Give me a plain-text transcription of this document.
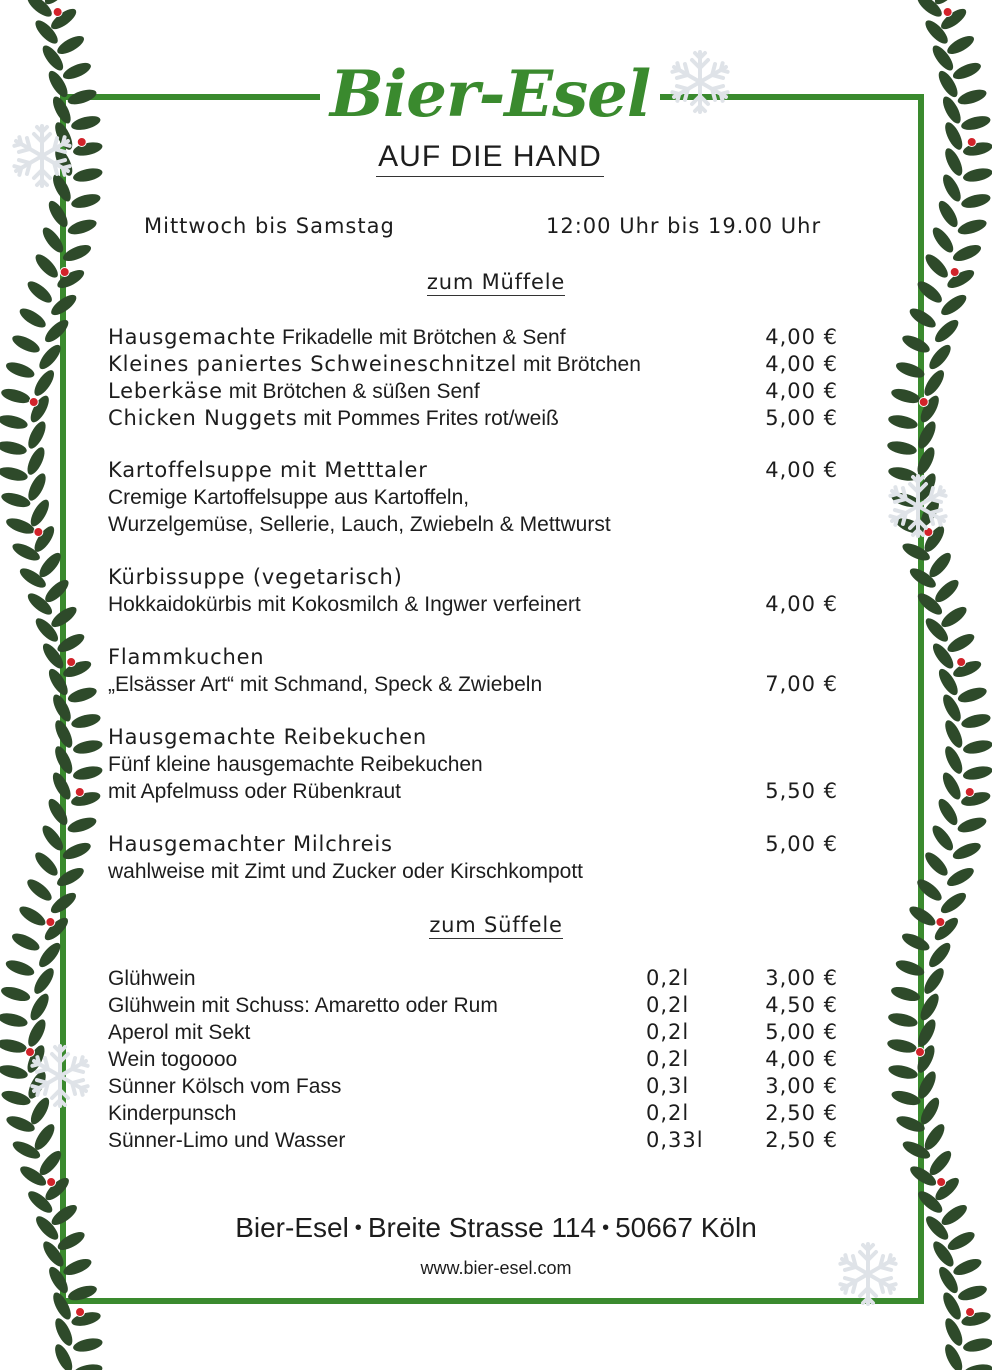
Bier-Esel
AUF DIE HAND
Mittwoch bis Samstag	12:00 Uhr bis 19.00 Uhr
zum Müffele
Hausgemachte Frikadelle mit Brötchen & Senf	4,00 €
Kleines paniertes Schweineschnitzel mit Brötchen	4,00 €
Leberkäse mit Brötchen & süßen Senf	4,00 €
Chicken Nuggets mit Pommes Frites rot/weiß	5,00 €
Kartoffelsuppe mit Metttaler	4,00 €
Cremige Kartoffelsuppe aus Kartoffeln,
Wurzelgemüse, Sellerie, Lauch, Zwiebeln & Mettwurst
Kürbissuppe (vegetarisch)
Hokkaidokürbis mit Kokosmilch & Ingwer verfeinert	4,00 €
Flammkuchen
„Elsässer Art“ mit Schmand, Speck & Zwiebeln	7,00 €
Hausgemachte Reibekuchen
Fünf kleine hausgemachte Reibekuchen
mit Apfelmuss oder Rübenkraut	5,50 €
Hausgemachter Milchreis	5,00 €
wahlweise mit Zimt und Zucker oder Kirschkompott
zum Süffele
Glühwein	0,2l	3,00 €
Glühwein mit Schuss: Amaretto oder Rum	0,2l	4,50 €
Aperol mit Sekt	0,2l	5,00 €
Wein togoooo	0,2l	4,00 €
Sünner Kölsch vom Fass	0,3l	3,00 €
Kinderpunsch	0,2l	2,50 €
Sünner-Limo und Wasser	0,33l	2,50 €
Bier-Esel • Breite Strasse 114 • 50667 Köln
www.bier-esel.com
